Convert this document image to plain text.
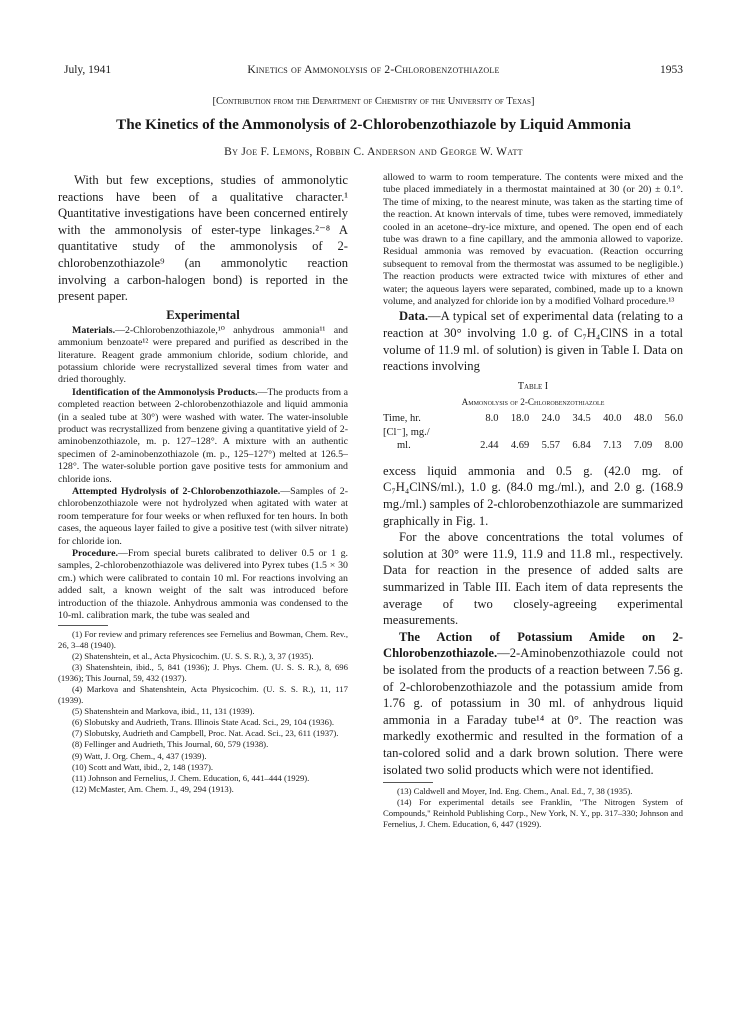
July, 1941	Kinetics of Ammonolysis of 2-Chlorobenzothiazole	1953
[Contribution from the Department of Chemistry of the University of Texas]
The Kinetics of the Ammonolysis of 2-Chlorobenzothiazole by Liquid Ammonia
By Joe F. Lemons, Robbin C. Anderson and George W. Watt

With but few exceptions, studies of ammonolytic reactions have been of a qualitative character.¹ Quantitative investigations have been concerned entirely with the ammonolysis of ester-type linkages.²⁻⁸ A quantitative study of the ammonolysis of 2-chlorobenzothiazole⁹ (an ammonolytic reaction involving a carbon-halogen bond) is reported in the present paper.

Experimental

Materials.—2-Chlorobenzothiazole,¹⁰ anhydrous ammonia¹¹ and ammonium benzoate¹² were prepared and purified as described in the literature. Reagent grade ammonium chloride, sodium chloride, and potassium chloride were recrystallized several times from water and dried thoroughly.

Identification of the Ammonolysis Products.—The products from a completed reaction between 2-chlorobenzothiazole and liquid ammonia (in a sealed tube at 30°) were washed with water. The water-insoluble product was recrystallized from benzene giving a quantitative yield of 2-aminobenzothiazole, m. p. 127–128°. A mixture with an authentic specimen of 2-aminobenzothiazole (m. p., 125–127°) melted at 126.5–128°. The water-soluble portion gave positive tests for ammonium and chloride ions.

Attempted Hydrolysis of 2-Chlorobenzothiazole.—Samples of 2-chlorobenzothiazole were not hydrolyzed when agitated with water at room temperature for four weeks or when refluxed for ten hours. In both cases, the aqueous layer failed to give a positive test (with silver nitrate) for chloride ion.

Procedure.—From special burets calibrated to deliver 0.5 or 1 g. samples, 2-chlorobenzothiazole was delivered into Pyrex tubes (1.5 × 30 cm.) which were calibrated to contain 10 ml. For reactions involving an added salt, a known weight of the salt was introduced before introduction of the thiazole. Anhydrous ammonia was condensed to the 10-ml. calibration mark, the tube was sealed and

(1) For review and primary references see Fernelius and Bowman, Chem. Rev., 26, 3–48 (1940).

(2) Shatenshtein, et al., Acta Physicochim. (U. S. S. R.), 3, 37 (1935).

(3) Shatenshtein, ibid., 5, 841 (1936); J. Phys. Chem. (U. S. S. R.), 8, 696 (1936); This Journal, 59, 432 (1937).

(4) Markova and Shatenshtein, Acta Physicochim. (U. S. S. R.), 11, 117 (1939).

(5) Shatenshtein and Markova, ibid., 11, 131 (1939).

(6) Slobutsky and Audrieth, Trans. Illinois State Acad. Sci., 29, 104 (1936).

(7) Slobutsky, Audrieth and Campbell, Proc. Nat. Acad. Sci., 23, 611 (1937).

(8) Fellinger and Audrieth, This Journal, 60, 579 (1938).

(9) Watt, J. Org. Chem., 4, 437 (1939).

(10) Scott and Watt, ibid., 2, 148 (1937).

(11) Johnson and Fernelius, J. Chem. Education, 6, 441–444 (1929).

(12) McMaster, Am. Chem. J., 49, 294 (1913).

allowed to warm to room temperature. The contents were mixed and the tube placed immediately in a thermostat maintained at 30 (or 20) ± 0.1°. The time of mixing, to the nearest minute, was taken as the starting time of the reaction. At known intervals of time, tubes were removed, immediately cooled in an acetone–dry-ice mixture, and opened. The open end of each tube was drawn to a fine capillary, and the ammonia allowed to vaporize. Residual ammonia was removed by evacuation. (Reaction occurring subsequent to removal from the thermostat was assumed to be negligible.) The reaction products were extracted twice with mixtures of ether and water; the aqueous layers were separated, combined, made up to a known volume, and analyzed for chloride ion by a modified Volhard procedure.¹³

Data.—A typical set of experimental data (relating to a reaction at 30° involving 1.0 g. of C₇H₄ClNS in a total volume of 11.9 ml. of solution) is given in Table I. Data on reactions involving

Table I
Ammonolysis of 2-Chlorobenzothiazole
Time, hr.	8.0	18.0	24.0	34.5	40.0	48.0	56.0
[Cl⁻], mg./							
ml.	2.44	4.69	5.57	6.84	7.13	7.09	8.00

excess liquid ammonia and 0.5 g. (42.0 mg. of C₇H₄ClNS/ml.), 1.0 g. (84.0 mg./ml.), and 2.0 g. (168.9 mg./ml.) samples of 2-chlorobenzothiazole are summarized graphically in Fig. 1.

For the above concentrations the total volumes of solution at 30° were 11.9, 11.9 and 11.8 ml., respectively. Data for reaction in the presence of added salts are summarized in Table III. Each item of data represents the average of two closely-agreeing experimental measurements.

The Action of Potassium Amide on 2-Chlorobenzothiazole.—2-Aminobenzothiazole could not be isolated from the products of a reaction between 7.56 g. of 2-chlorobenzothiazole and the potassium amide from 1.76 g. of potassium in 30 ml. of anhydrous liquid ammonia in a Faraday tube¹⁴ at 0°. The reaction was markedly exothermic and resulted in the formation of a tan-colored solid and a dark brown solution. There were isolated two solid products which were not identified.

(13) Caldwell and Moyer, Ind. Eng. Chem., Anal. Ed., 7, 38 (1935).

(14) For experimental details see Franklin, "The Nitrogen System of Compounds," Reinhold Publishing Corp., New York, N. Y., pp. 317–330; Johnson and Fernelius, J. Chem. Education, 6, 447 (1929).
